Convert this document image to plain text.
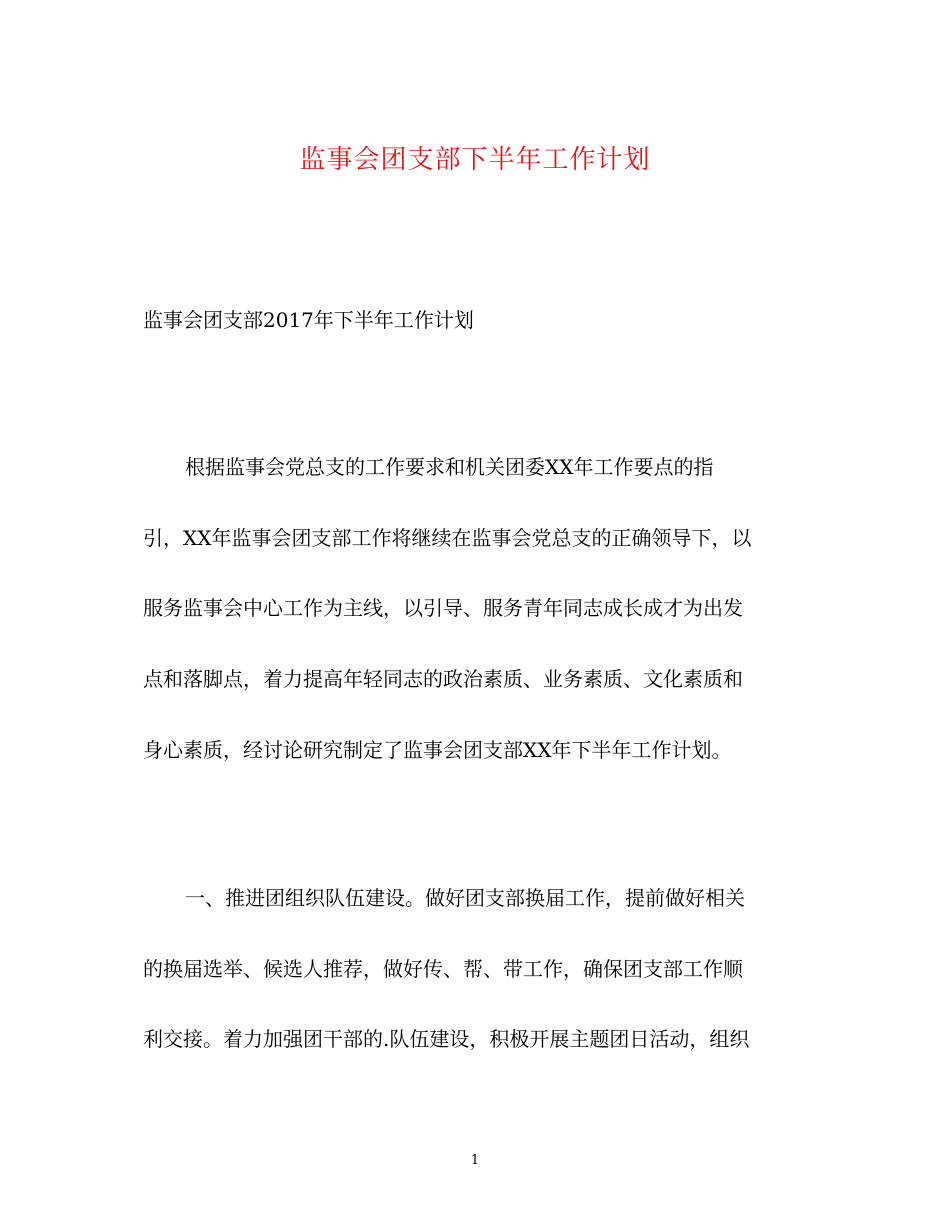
监事会团支部下半年工作计划
监事会团支部2017年下半年工作计划
根据监事会党总支的工作要求和机关团委XX年工作要点的指
引，XX年监事会团支部工作将继续在监事会党总支的正确领导下，以
服务监事会中心工作为主线，以引导、服务青年同志成长成才为出发
点和落脚点，着力提高年轻同志的政治素质、业务素质、文化素质和
身心素质，经讨论研究制定了监事会团支部XX年下半年工作计划。
一、推进团组织队伍建设。做好团支部换届工作，提前做好相关
的换届选举、候选人推荐，做好传、帮、带工作，确保团支部工作顺
利交接。着力加强团干部的.队伍建设，积极开展主题团日活动，组织
1
